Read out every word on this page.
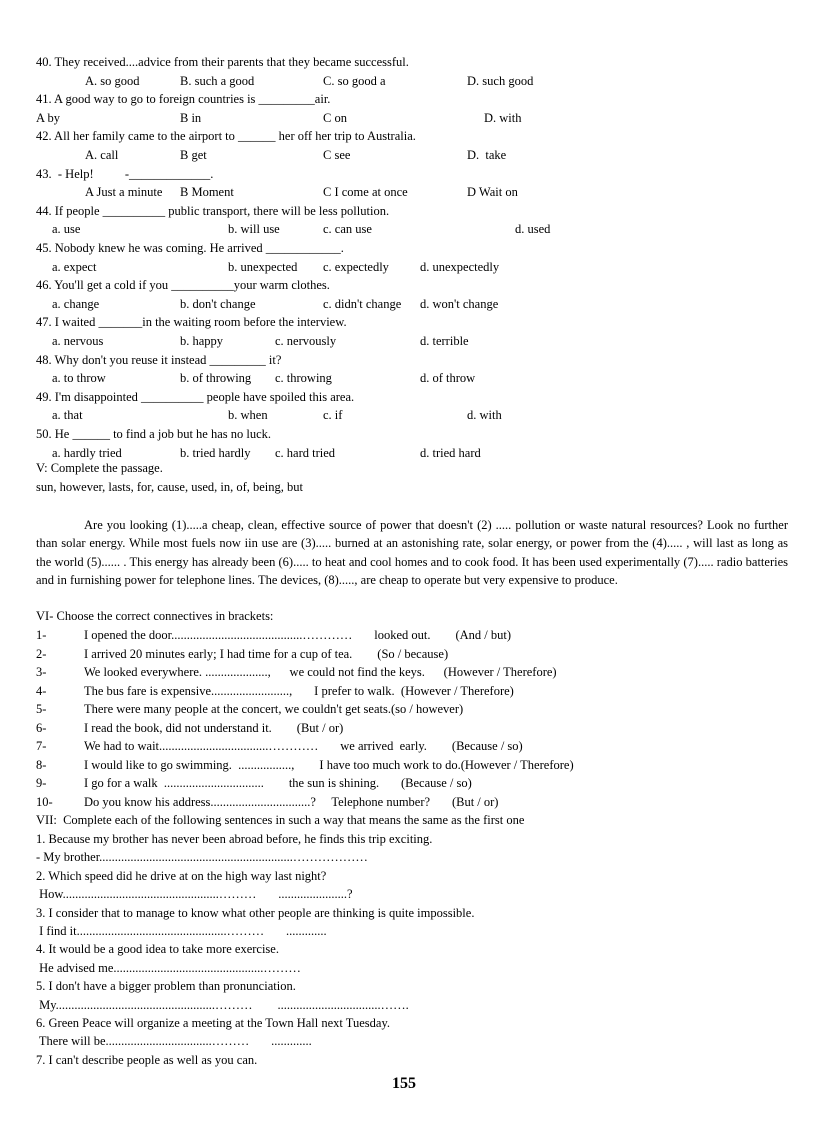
40. They received....advice from their parents that they became successful.
A. so good	B. such a good	C. so good a	D. such good
41. A good way to go to foreign countries is _________air.
A by	B in	C on	D. with
42. All her family came to the airport to ______ her off her trip to Australia.
A. call	B get	C see	D.  take
43.  - Help!          -_____________.
A Just a minute B Moment	C I come at once	D Wait on
44. If people __________ public transport, there will be less pollution.
a. use	b. will use	c. can use	d. used
45. Nobody knew he was coming. He arrived ____________.
a. expect	b. unexpected c. expectedly d. unexpectedly
46. You'll get a cold if you __________your warm clothes.
a. change	b. don't change	c. didn't change d. won't change
47. I waited _______in the waiting room before the interview.
a. nervous	b. happy	c. nervously	d. terrible
48. Why don't you reuse it instead _________ it?
a. to throw	b. of throwing c. throwing	d. of throw
49. I'm disappointed __________ people have spoiled this area.
a. that	b. when	c. if	d. with
50. He ______ to find a job but he has no luck.
a. hardly tried	b. tried hardly c. hard tried	d. tried hard
V: Complete the passage.
sun, however, lasts, for, cause, used, in, of, being, but
Are you looking (1).....a cheap, clean, effective source of power that doesn't (2) ..... pollution or waste natural resources? Look no further than solar energy. While most fuels now iin use are (3)..... burned at an astonishing rate, solar energy, or power from the (4)..... , will last as long as the world (5)...... . This energy has already been (6)..... to heat and cool homes and to cook food. It has been used experimentally (7)..... radio batteries and in furnishing power for telephone lines. The devices, (8)....., are cheap to operate but very expensive to produce.
VI- Choose the correct connectives in brackets:
1-	I opened the door..........................................…………       looked out.        (And / but)
2-	I arrived 20 minutes early; I had time for a cup of tea.        (So / because)
3-	We looked everywhere. ....................,      we could not find the keys.      (However / Therefore)
4-	The bus fare is expensive.........................,       I prefer to walk.  (However / Therefore)
5-	There were many people at the concert, we couldn't get seats.(so / however)
6-	I read the book, did not understand it.        (But / or)
7-	We had to wait...................................…………       we arrived  early.        (Because / so)
8-	I would like to go swimming.  .................,        I have too much work to do.(However / Therefore)
9-	I go for a walk  ................................        the sun is shining.       (Because / so)
10-	Do you know his address................................?     Telephone number?       (But / or)
VII:  Complete each of the following sentences in such a way that means the same as the first one
1. Because my brother has never been abroad before, he finds this trip exciting.
- My brother..............................................................………………
2. Which speed did he drive at on the high way last night?
How..................................................………       ......................?
3. I consider that to manage to know what other people are thinking is quite impossible.
I find it................................................………       .............
4. It would be a good idea to take more exercise.
He advised me................................................………
5. I don't have a bigger problem than pronunciation.
My...................................................………        .................................…….
6. Green Peace will organize a meeting at the Town Hall next Tuesday.
There will be..................................………       .............
7. I can't describe people as well as you can.
155
